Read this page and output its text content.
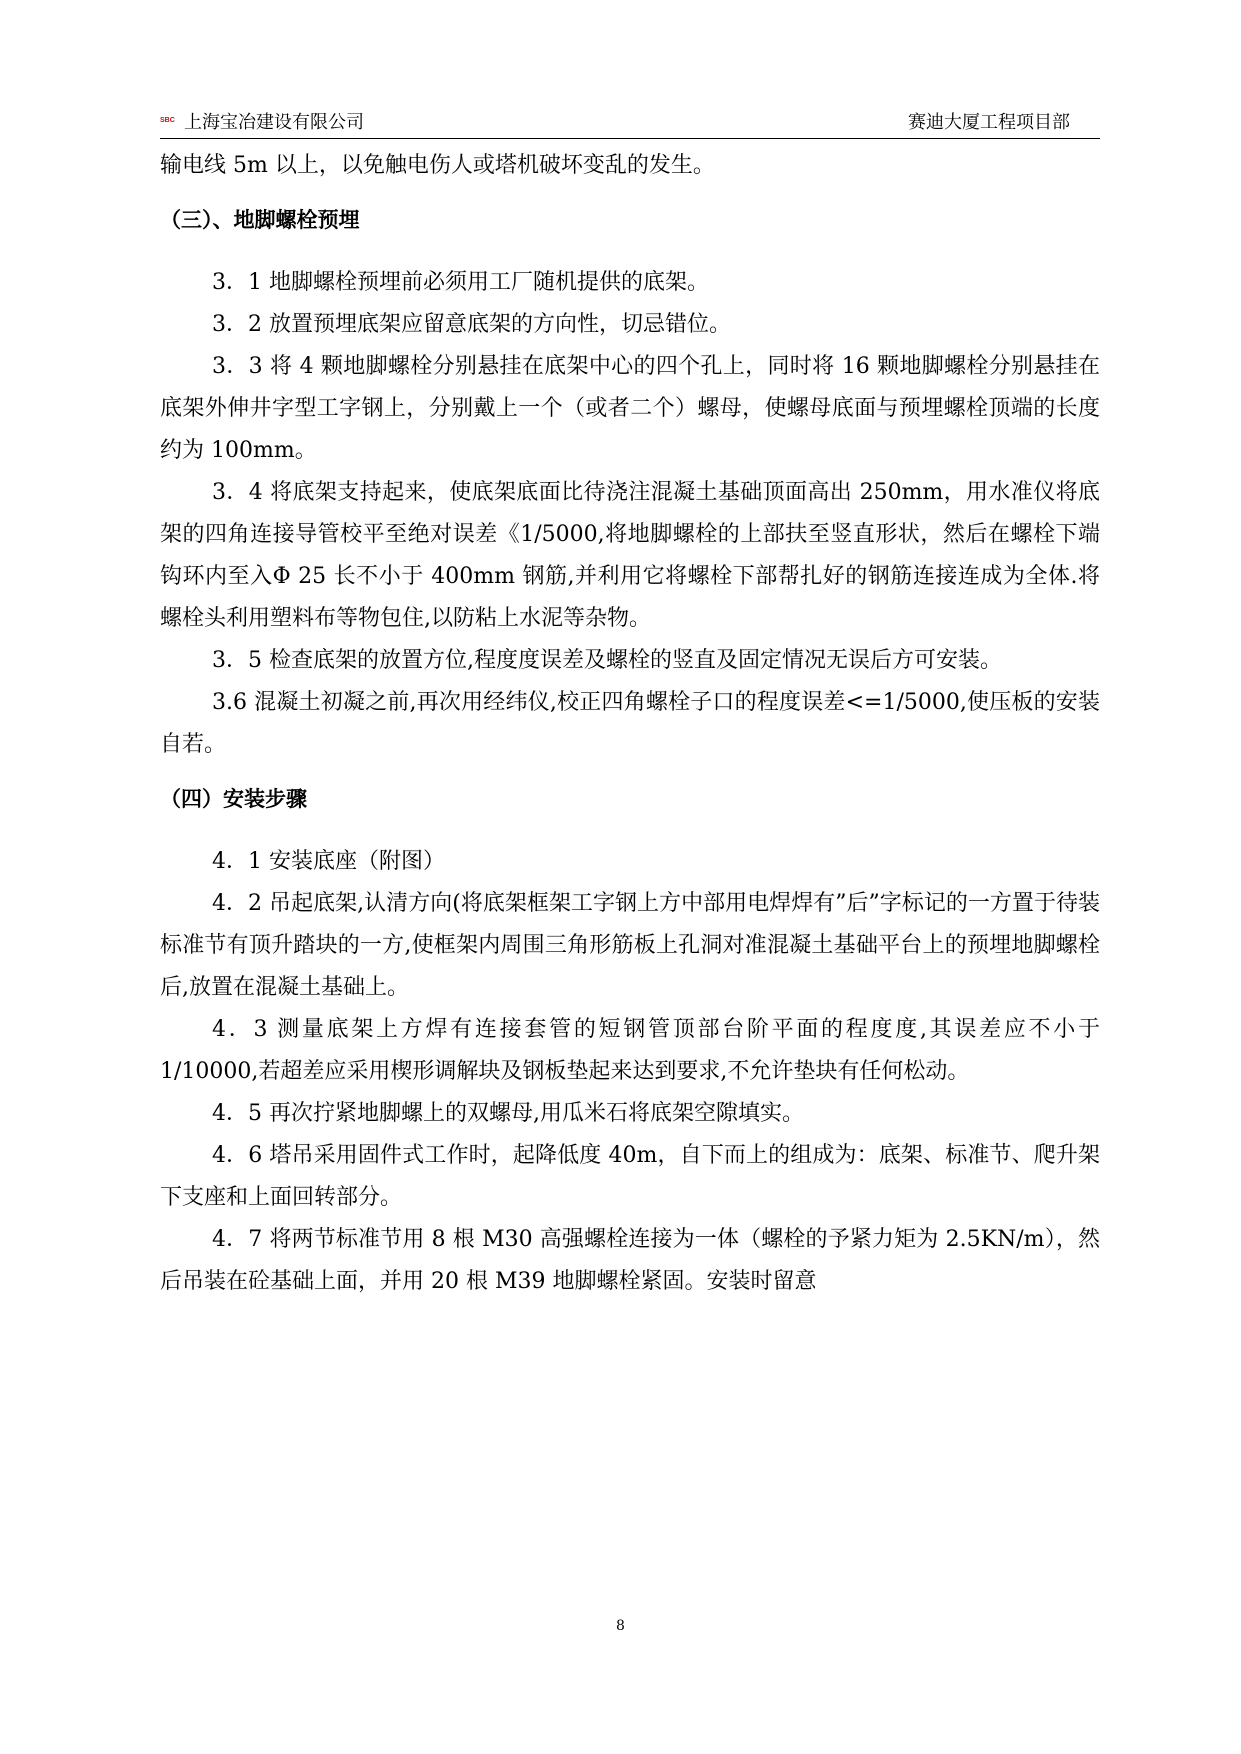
SBC 上海宝冶建设有限公司	赛迪大厦工程项目部

输电线 5m 以上，以免触电伤人或塔机破坏变乱的发生。

（三）、地脚螺栓预埋

3．1 地脚螺栓预埋前必须用工厂随机提供的底架。

3．2 放置预埋底架应留意底架的方向性，切忌错位。

3．3 将 4 颗地脚螺栓分别悬挂在底架中心的四个孔上，同时将 16 颗地脚螺栓分别悬挂在底架外伸井字型工字钢上，分别戴上一个（或者二个）螺母，使螺母底面与预埋螺栓顶端的长度约为 100mm。

3．4 将底架支持起来，使底架底面比待浇注混凝土基础顶面高出 250mm，用水准仪将底架的四角连接导管校平至绝对误差《1/5000,将地脚螺栓的上部扶至竖直形状，然后在螺栓下端钩环内至入Φ 25 长不小于 400mm 钢筋,并利用它将螺栓下部帮扎好的钢筋连接连成为全体.将螺栓头利用塑料布等物包住,以防粘上水泥等杂物。

3．5 检查底架的放置方位,程度度误差及螺栓的竖直及固定情况无误后方可安装。

3.6 混凝土初凝之前,再次用经纬仪,校正四角螺栓子口的程度误差<=1/5000,使压板的安装自若。

（四）安装步骤

4．1 安装底座（附图）

4．2 吊起底架,认清方向(将底架框架工字钢上方中部用电焊焊有”后”字标记的一方置于待装标准节有顶升踏块的一方,使框架内周围三角形筋板上孔洞对准混凝土基础平台上的预埋地脚螺栓后,放置在混凝土基础上。

4．3 测量底架上方焊有连接套管的短钢管顶部台阶平面的程度度,其误差应不小于 1/10000,若超差应采用楔形调解块及钢板垫起来达到要求,不允许垫块有任何松动。

4．5 再次拧紧地脚螺上的双螺母,用瓜米石将底架空隙填实。

4．6 塔吊采用固件式工作时，起降低度 40m，自下而上的组成为：底架、标准节、爬升架下支座和上面回转部分。

4．7 将两节标准节用 8 根 M30 高强螺栓连接为一体（螺栓的予紧力矩为 2.5KN/m），然后吊装在砼基础上面，并用 20 根 M39 地脚螺栓紧固。安装时留意

8
